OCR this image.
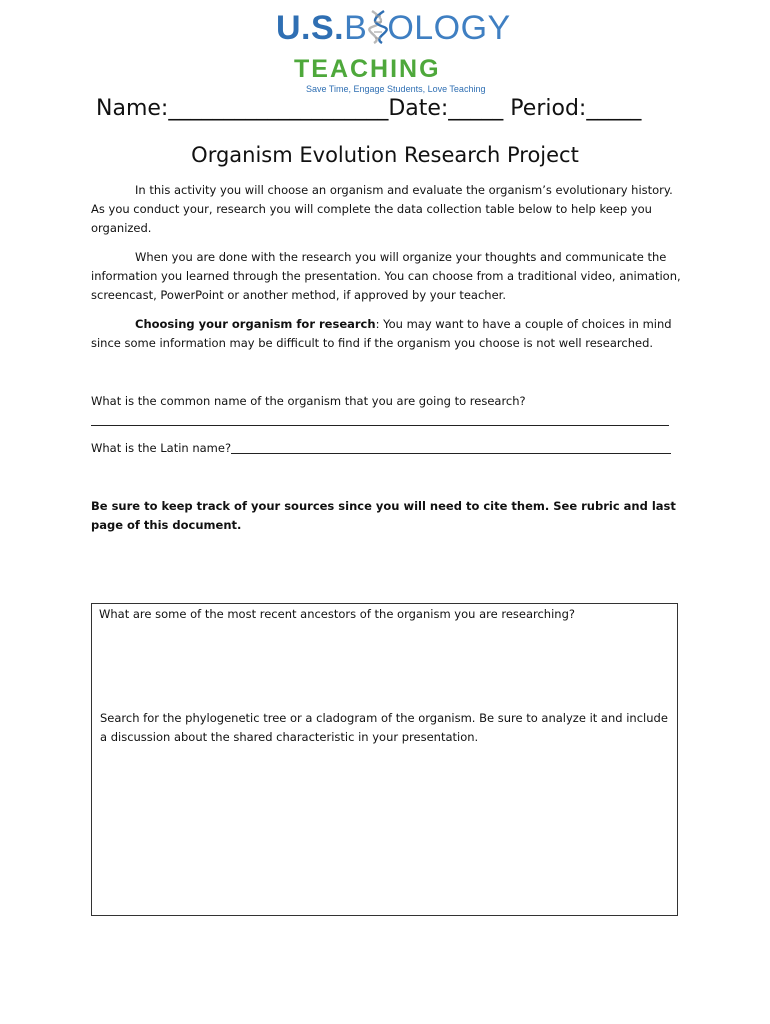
U.S.B OLOGY
TEACHING
Save Time, Engage Students, Love Teaching
Name:____________________Date:_____ Period:_____
Organism Evolution Research Project

In this activity you will choose an organism and evaluate the organism’s evolutionary history. As you conduct your, research you will complete the data collection table below to help keep you organized.

When you are done with the research you will organize your thoughts and communicate the information you learned through the presentation. You can choose from a traditional video, animation, screencast, PowerPoint or another method, if approved by your teacher.

Choosing your organism for research: You may want to have a couple of choices in mind since some information may be difficult to find if the organism you choose is not well researched.

What is the common name of the organism that you are going to research?
What is the Latin name?

Be sure to keep track of your sources since you will need to cite them. See rubric and last page of this document.

What are some of the most recent ancestors of the organism you are researching?

Search for the phylogenetic tree or a cladogram of the organism. Be sure to analyze it and include a discussion about the shared characteristic in your presentation.
